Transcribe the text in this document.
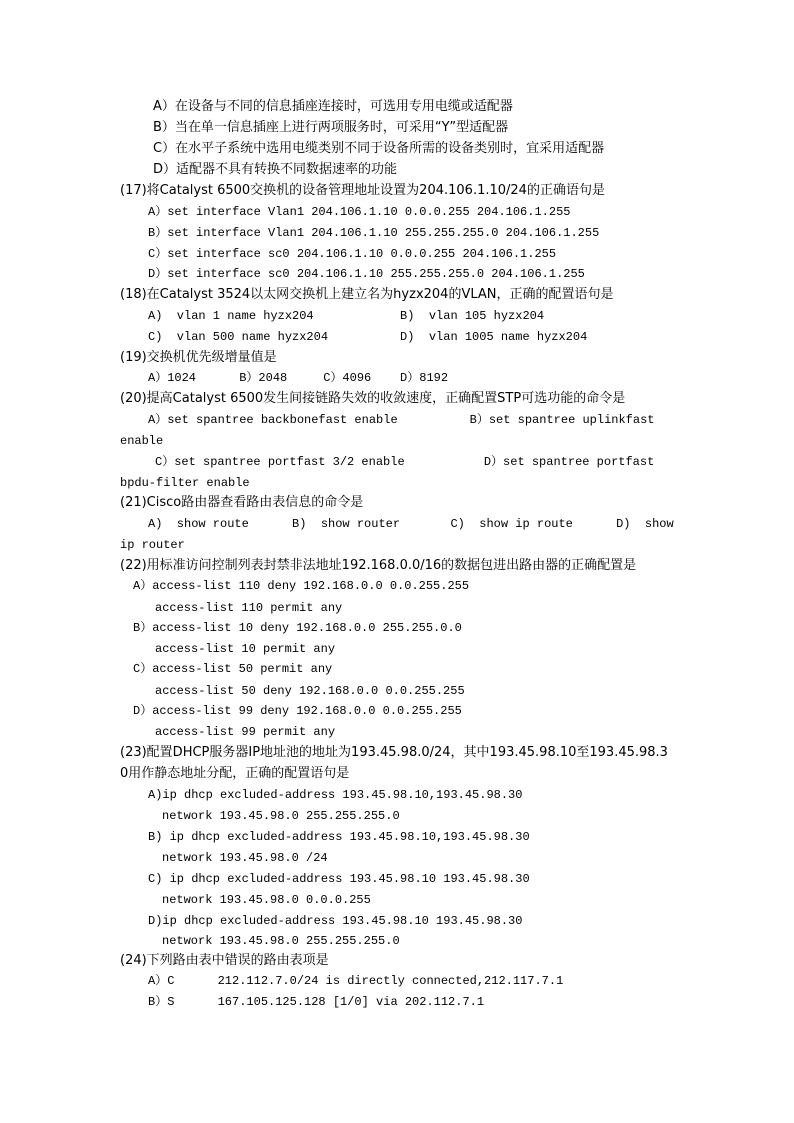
A）在设备与不同的信息插座连接时，可选用专用电缆或适配器
B）当在单一信息插座上进行两项服务时，可采用“Y”型适配器
C）在水平子系统中选用电缆类别不同于设备所需的设备类别时，宜采用适配器
D）适配器不具有转换不同数据速率的功能
(17)将Catalyst 6500交换机的设备管理地址设置为204.106.1.10/24的正确语句是
A）set interface Vlan1 204.106.1.10 0.0.0.255 204.106.1.255
B）set interface Vlan1 204.106.1.10 255.255.255.0 204.106.1.255
C）set interface sc0 204.106.1.10 0.0.0.255 204.106.1.255
D）set interface sc0 204.106.1.10 255.255.255.0 204.106.1.255
(18)在Catalyst 3524以太网交换机上建立名为hyzx204的VLAN，正确的配置语句是
A)  vlan 1 name hyzx204            B)  vlan 105 hyzx204
C)  vlan 500 name hyzx204          D)  vlan 1005 name hyzx204
(19)交换机优先级增量值是
A）1024      B）2048     C）4096    D）8192
(20)提高Catalyst 6500发生间接链路失效的收敛速度，正确配置STP可选功能的命令是
A）set spantree backbonefast enable          B）set spantree uplinkfast
enable
C）set spantree portfast 3/2 enable           D）set spantree portfast
bpdu-filter enable
(21)Cisco路由器查看路由表信息的命令是
A)  show route      B)  show router       C)  show ip route      D)  show
ip router
(22)用标准访问控制列表封禁非法地址192.168.0.0/16的数据包进出路由器的正确配置是
A）access-list 110 deny 192.168.0.0 0.0.255.255
access-list 110 permit any
B）access-list 10 deny 192.168.0.0 255.255.0.0
access-list 10 permit any
C）access-list 50 permit any
access-list 50 deny 192.168.0.0 0.0.255.255
D）access-list 99 deny 192.168.0.0 0.0.255.255
access-list 99 permit any
(23)配置DHCP服务器IP地址池的地址为193.45.98.0/24，其中193.45.98.10至193.45.98.3
0用作静态地址分配，正确的配置语句是
A)ip dhcp excluded-address 193.45.98.10,193.45.98.30
network 193.45.98.0 255.255.255.0
B) ip dhcp excluded-address 193.45.98.10,193.45.98.30
network 193.45.98.0 /24
C) ip dhcp excluded-address 193.45.98.10 193.45.98.30
network 193.45.98.0 0.0.0.255
D)ip dhcp excluded-address 193.45.98.10 193.45.98.30
network 193.45.98.0 255.255.255.0
(24)下列路由表中错误的路由表项是
A）C      212.112.7.0/24 is directly connected,212.117.7.1
B）S      167.105.125.128 [1/0] via 202.112.7.1
